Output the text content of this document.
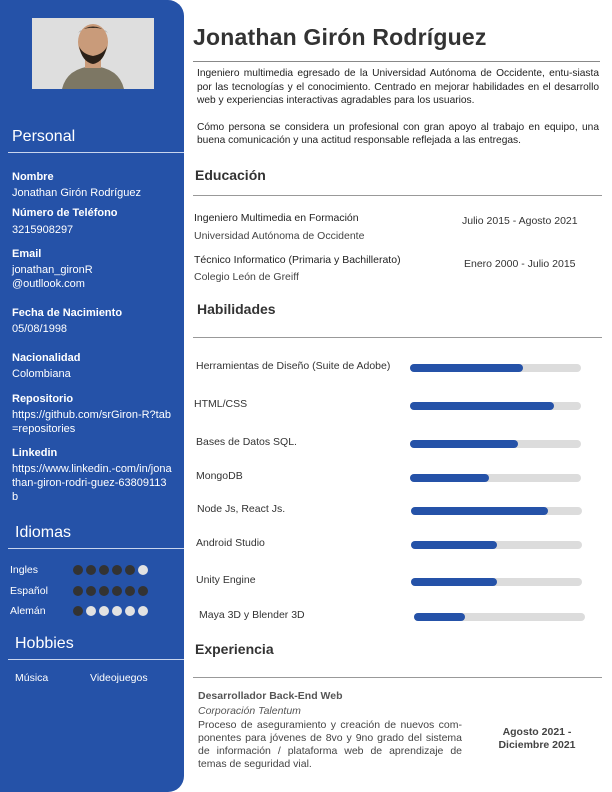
Personal
Nombre
Jonathan Girón Rodríguez
Número de Teléfono
3215908297
Email
jonathan_gironR @outllook.com
Fecha de Nacimiento
05/08/1998
Nacionalidad
Colombiana
Repositorio
https://github.com/srGiron-R?tab=repositories
Linkedin
https://www.linkedin.-com/in/jonathan-giron-rodri-guez-63809113b
Idiomas
Ingles
Español
Alemán
Hobbies
Música	Videojuegos
Jonathan Girón Rodríguez

Ingeniero multimedia egresado de la Universidad Autónoma de Occidente, entu-siasta por las tecnologías y el conocimiento. Centrado en mejorar habilidades en el desarrollo web y experiencias interactivas agradables para los usuarios.

Cómo persona se considera un profesional con gran apoyo al trabajo en equipo, una buena comunicación y una actitud responsable reflejada a las entregas.

Educación
Ingeniero Multimedia en Formación
Universidad Autónoma de Occidente
Julio 2015 - Agosto 2021
Técnico Informatico (Primaria y Bachillerato)
Colegio León de Greiff
Enero 2000 - Julio 2015
Habilidades
Herramientas de Diseño (Suite de Adobe)
HTML/CSS
Bases de Datos SQL.
MongoDB
Node Js, React Js.
Android Studio
Unity Engine
Maya 3D y Blender 3D
Experiencia
Desarrollador Back-End Web
Corporación Talentum
Proceso de aseguramiento y creación de nuevos com-ponentes para jóvenes de 8vo y 9no grado del sistema de información / plataforma web de aprendizaje de temas de seguridad vial.
Agosto 2021 -
Diciembre 2021
